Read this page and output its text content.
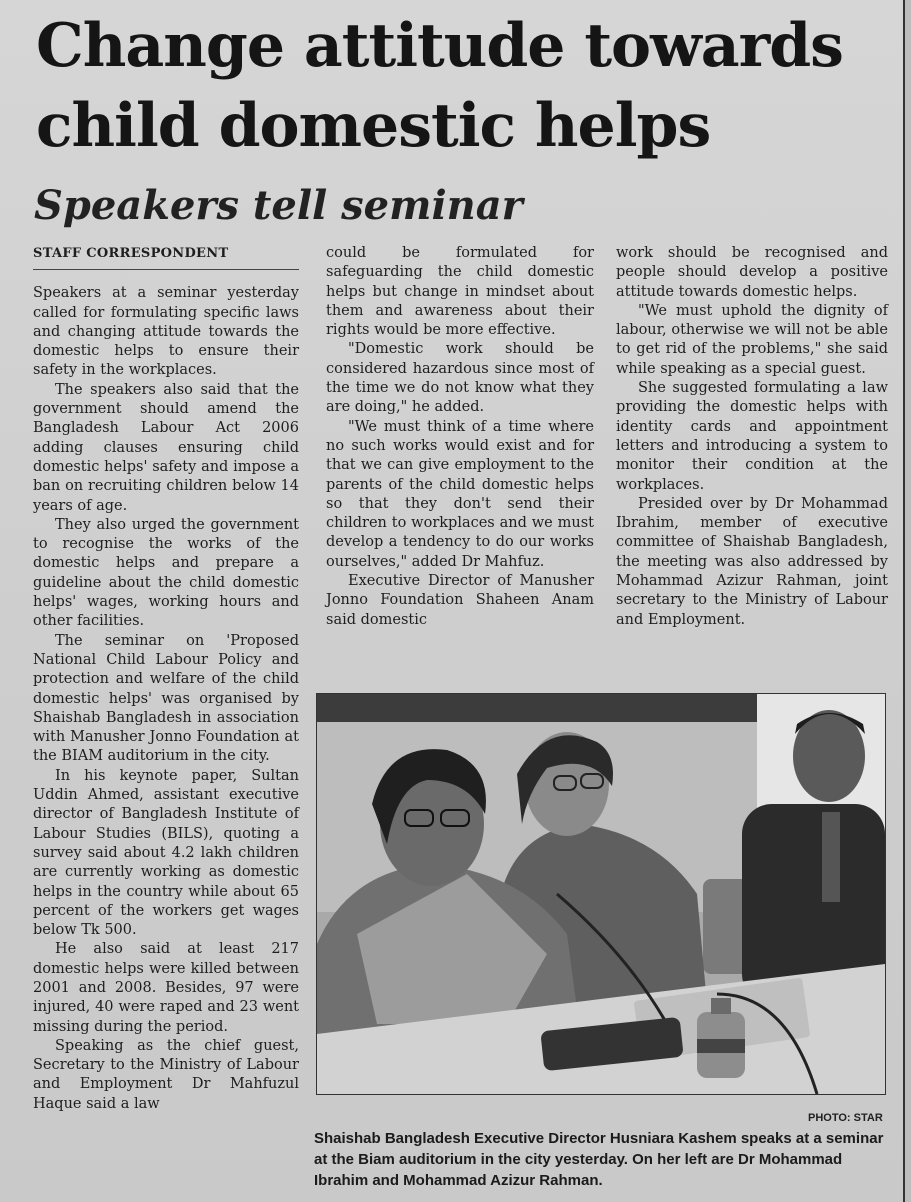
Change attitude towards child domestic helps
Speakers tell seminar
STAFF CORRESPONDENT

Speakers at a seminar yesterday called for formulating specific laws and changing attitude towards the domestic helps to ensure their safety in the workplaces.

The speakers also said that the government should amend the Bangladesh Labour Act 2006 adding clauses ensuring child domestic helps' safety and impose a ban on recruiting children below 14 years of age.

They also urged the government to recognise the works of the domestic helps and prepare a guideline about the child domestic helps' wages, working hours and other facilities.

The seminar on 'Proposed National Child Labour Policy and protection and welfare of the child domestic helps' was organised by Shaishab Bangladesh in association with Manusher Jonno Foundation at the BIAM auditorium in the city.

In his keynote paper, Sultan Uddin Ahmed, assistant executive director of Bangladesh Institute of Labour Studies (BILS), quoting a survey said about 4.2 lakh children are currently working as domestic helps in the country while about 65 percent of the workers get wages below Tk 500.

He also said at least 217 domestic helps were killed between 2001 and 2008. Besides, 97 were injured, 40 were raped and 23 went missing during the period.

Speaking as the chief guest, Secretary to the Ministry of Labour and Employment Dr Mahfuzul Haque said a law

could be formulated for safeguarding the child domestic helps but change in mindset about them and awareness about their rights would be more effective.

"Domestic work should be considered hazardous since most of the time we do not know what they are doing," he added.

"We must think of a time where no such works would exist and for that we can give employment to the parents of the child domestic helps so that they don't send their children to workplaces and we must develop a tendency to do our works ourselves," added Dr Mahfuz.

Executive Director of Manusher Jonno Foundation Shaheen Anam said domestic

work should be recognised and people should develop a positive attitude towards domestic helps.

"We must uphold the dignity of labour, otherwise we will not be able to get rid of the problems," she said while speaking as a special guest.

She suggested formulating a law providing the domestic helps with identity cards and appointment letters and introducing a system to monitor their condition at the workplaces.

Presided over by Dr Mohammad Ibrahim, member of executive committee of Shaishab Bangladesh, the meeting was also addressed by Mohammad Azizur Rahman, joint secretary to the Ministry of Labour and Employment.

PHOTO: STAR

Shaishab Bangladesh Executive Director Husniara Kashem speaks at a seminar at the Biam auditorium in the city yesterday. On her left are Dr Mohammad Ibrahim and Mohammad Azizur Rahman.
